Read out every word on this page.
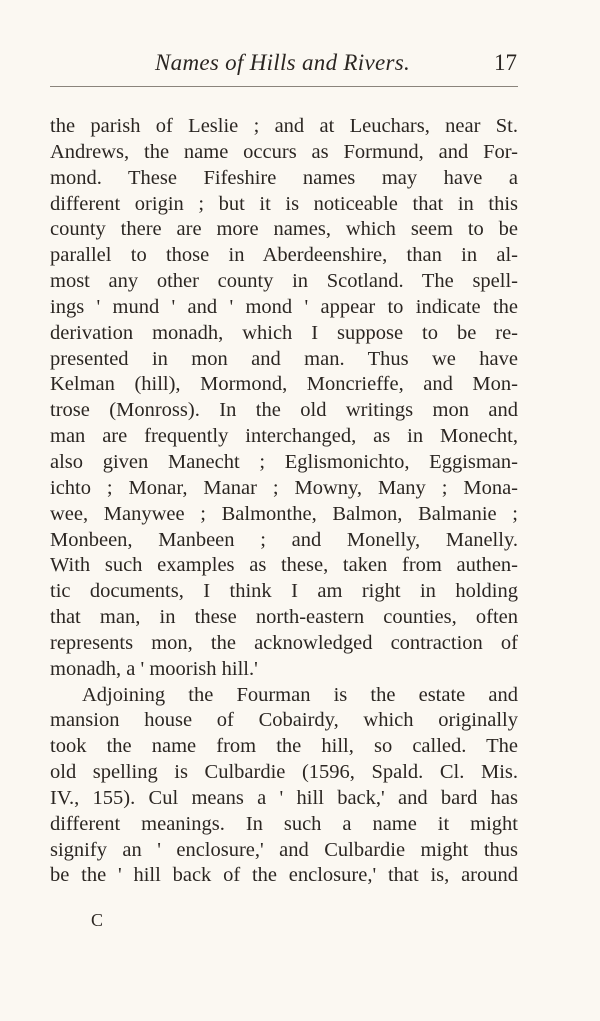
Names of Hills and Rivers.	17
the parish of Leslie ; and at Leuchars, near St.
Andrews, the name occurs as Formund, and For-
mond. These Fifeshire names may have a
different origin ; but it is noticeable that in this
county there are more names, which seem to be
parallel to those in Aberdeenshire, than in al-
most any other county in Scotland. The spell-
ings ' mund ' and ' mond ' appear to indicate the
derivation monadh, which I suppose to be re-
presented in mon and man. Thus we have
Kelman (hill), Mormond, Moncrieffe, and Mon-
trose (Monross). In the old writings mon and
man are frequently interchanged, as in Monecht,
also given Manecht ; Eglismonichto, Eggisman-
ichto ; Monar, Manar ; Mowny, Many ; Mona-
wee, Manywee ; Balmonthe, Balmon, Balmanie ;
Monbeen, Manbeen ; and Monelly, Manelly.
With such examples as these, taken from authen-
tic documents, I think I am right in holding
that man, in these north-eastern counties, often
represents mon, the acknowledged contraction of
monadh, a ' moorish hill.'
Adjoining the Fourman is the estate and
mansion house of Cobairdy, which originally
took the name from the hill, so called. The
old spelling is Culbardie (1596, Spald. Cl. Mis.
IV., 155). Cul means a ' hill back,' and bard has
different meanings. In such a name it might
signify an ' enclosure,' and Culbardie might thus
be the ' hill back of the enclosure,' that is, around
C
